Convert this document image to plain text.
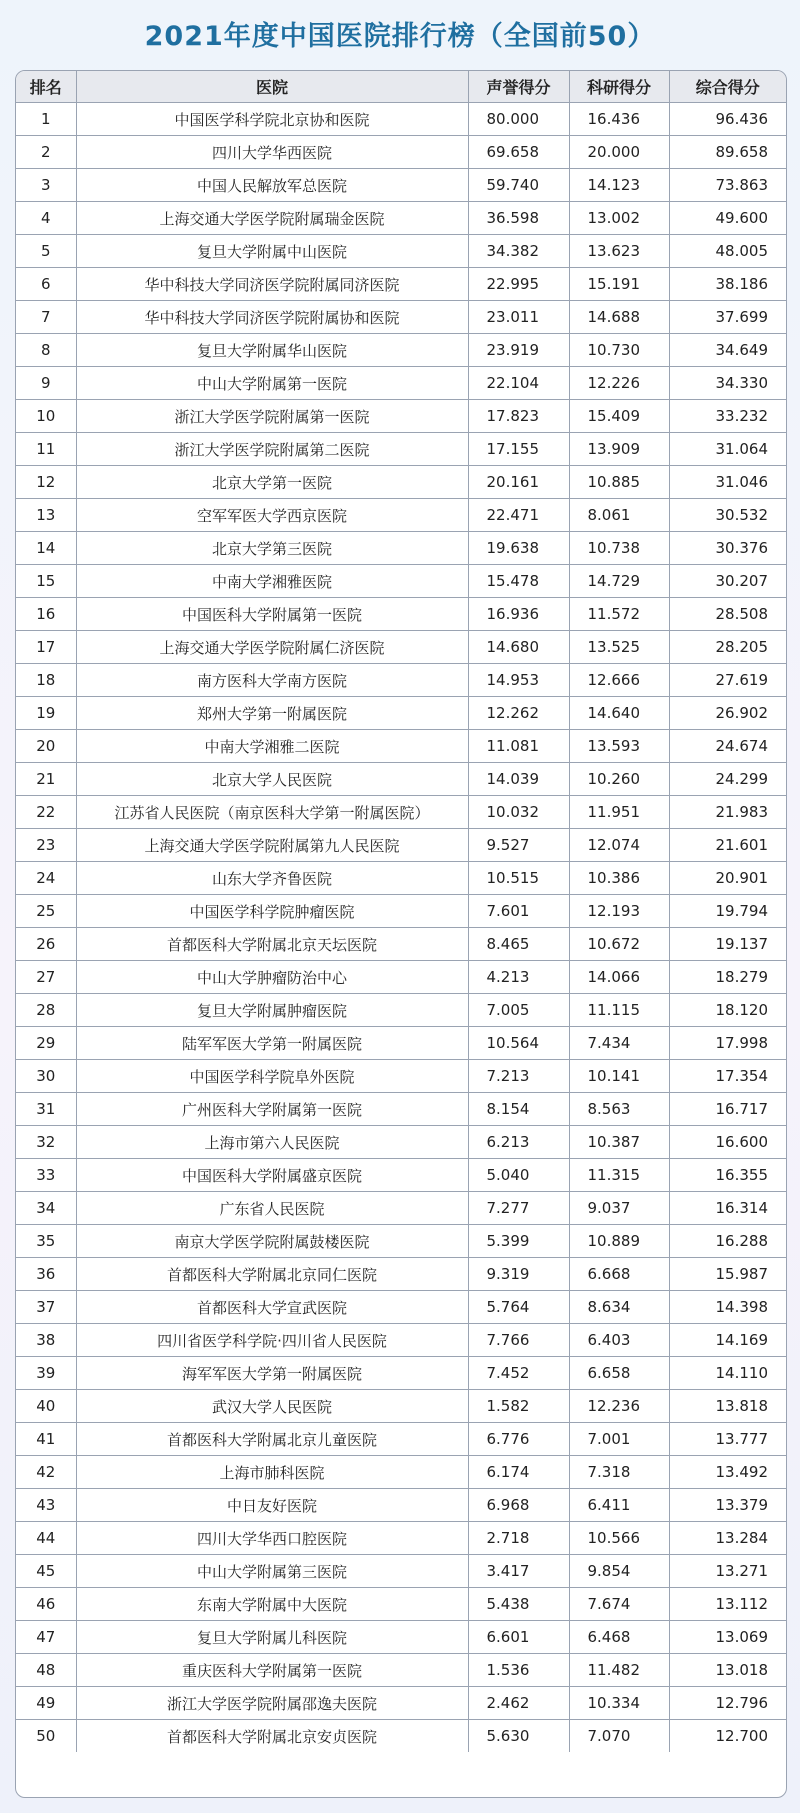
2021年度中国医院排行榜（全国前50）
排名	医院	声誉得分	科研得分	综合得分
1	中国医学科学院北京协和医院	80.000	16.436	96.436
2	四川大学华西医院	69.658	20.000	89.658
3	中国人民解放军总医院	59.740	14.123	73.863
4	上海交通大学医学院附属瑞金医院	36.598	13.002	49.600
5	复旦大学附属中山医院	34.382	13.623	48.005
6	华中科技大学同济医学院附属同济医院	22.995	15.191	38.186
7	华中科技大学同济医学院附属协和医院	23.011	14.688	37.699
8	复旦大学附属华山医院	23.919	10.730	34.649
9	中山大学附属第一医院	22.104	12.226	34.330
10	浙江大学医学院附属第一医院	17.823	15.409	33.232
11	浙江大学医学院附属第二医院	17.155	13.909	31.064
12	北京大学第一医院	20.161	10.885	31.046
13	空军军医大学西京医院	22.471	8.061	30.532
14	北京大学第三医院	19.638	10.738	30.376
15	中南大学湘雅医院	15.478	14.729	30.207
16	中国医科大学附属第一医院	16.936	11.572	28.508
17	上海交通大学医学院附属仁济医院	14.680	13.525	28.205
18	南方医科大学南方医院	14.953	12.666	27.619
19	郑州大学第一附属医院	12.262	14.640	26.902
20	中南大学湘雅二医院	11.081	13.593	24.674
21	北京大学人民医院	14.039	10.260	24.299
22	江苏省人民医院（南京医科大学第一附属医院）	10.032	11.951	21.983
23	上海交通大学医学院附属第九人民医院	9.527	12.074	21.601
24	山东大学齐鲁医院	10.515	10.386	20.901
25	中国医学科学院肿瘤医院	7.601	12.193	19.794
26	首都医科大学附属北京天坛医院	8.465	10.672	19.137
27	中山大学肿瘤防治中心	4.213	14.066	18.279
28	复旦大学附属肿瘤医院	7.005	11.115	18.120
29	陆军军医大学第一附属医院	10.564	7.434	17.998
30	中国医学科学院阜外医院	7.213	10.141	17.354
31	广州医科大学附属第一医院	8.154	8.563	16.717
32	上海市第六人民医院	6.213	10.387	16.600
33	中国医科大学附属盛京医院	5.040	11.315	16.355
34	广东省人民医院	7.277	9.037	16.314
35	南京大学医学院附属鼓楼医院	5.399	10.889	16.288
36	首都医科大学附属北京同仁医院	9.319	6.668	15.987
37	首都医科大学宣武医院	5.764	8.634	14.398
38	四川省医学科学院·四川省人民医院	7.766	6.403	14.169
39	海军军医大学第一附属医院	7.452	6.658	14.110
40	武汉大学人民医院	1.582	12.236	13.818
41	首都医科大学附属北京儿童医院	6.776	7.001	13.777
42	上海市肺科医院	6.174	7.318	13.492
43	中日友好医院	6.968	6.411	13.379
44	四川大学华西口腔医院	2.718	10.566	13.284
45	中山大学附属第三医院	3.417	9.854	13.271
46	东南大学附属中大医院	5.438	7.674	13.112
47	复旦大学附属儿科医院	6.601	6.468	13.069
48	重庆医科大学附属第一医院	1.536	11.482	13.018
49	浙江大学医学院附属邵逸夫医院	2.462	10.334	12.796
50	首都医科大学附属北京安贞医院	5.630	7.070	12.700
